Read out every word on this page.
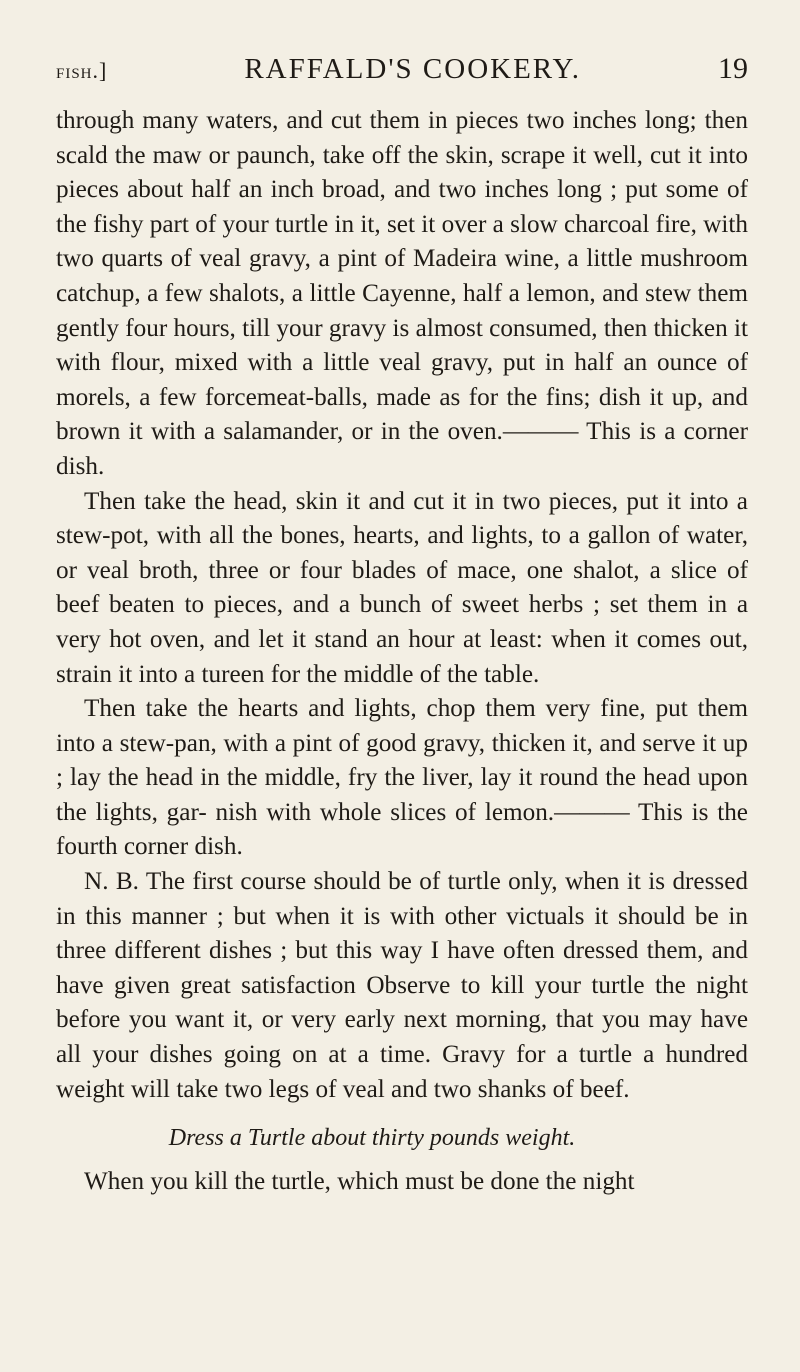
fish.]	RAFFALD'S COOKERY.	19

through many waters, and cut them in pieces two inches long; then scald the maw or paunch, take off the skin, scrape it well, cut it into pieces about half an inch broad, and two inches long ; put some of the fishy part of your turtle in it, set it over a slow charcoal fire, with two quarts of veal gravy, a pint of Madeira wine, a little mushroom catchup, a few shalots, a little Cayenne, half a lemon, and stew them gently four hours, till your gravy is almost consumed, then thicken it with flour, mixed with a little veal gravy, put in half an ounce of morels, a few forcemeat-balls, made as for the fins; dish it up, and brown it with a salamander, or in the oven.——— This is a corner dish.

Then take the head, skin it and cut it in two pieces, put it into a stew-pot, with all the bones, hearts, and lights, to a gallon of water, or veal broth, three or four blades of mace, one shalot, a slice of beef beaten to pieces, and a bunch of sweet herbs ; set them in a very hot oven, and let it stand an hour at least: when it comes out, strain it into a tureen for the middle of the table.

Then take the hearts and lights, chop them very fine, put them into a stew-pan, with a pint of good gravy, thicken it, and serve it up ; lay the head in the middle, fry the liver, lay it round the head upon the lights, gar- nish with whole slices of lemon.——— This is the fourth corner dish.

N. B. The first course should be of turtle only, when it is dressed in this manner ; but when it is with other victuals it should be in three different dishes ; but this way I have often dressed them, and have given great satisfaction Observe to kill your turtle the night before you want it, or very early next morning, that you may have all your dishes going on at a time. Gravy for a turtle a hundred weight will take two legs of veal and two shanks of beef.

Dress a Turtle about thirty pounds weight.

When you kill the turtle, which must be done the night
